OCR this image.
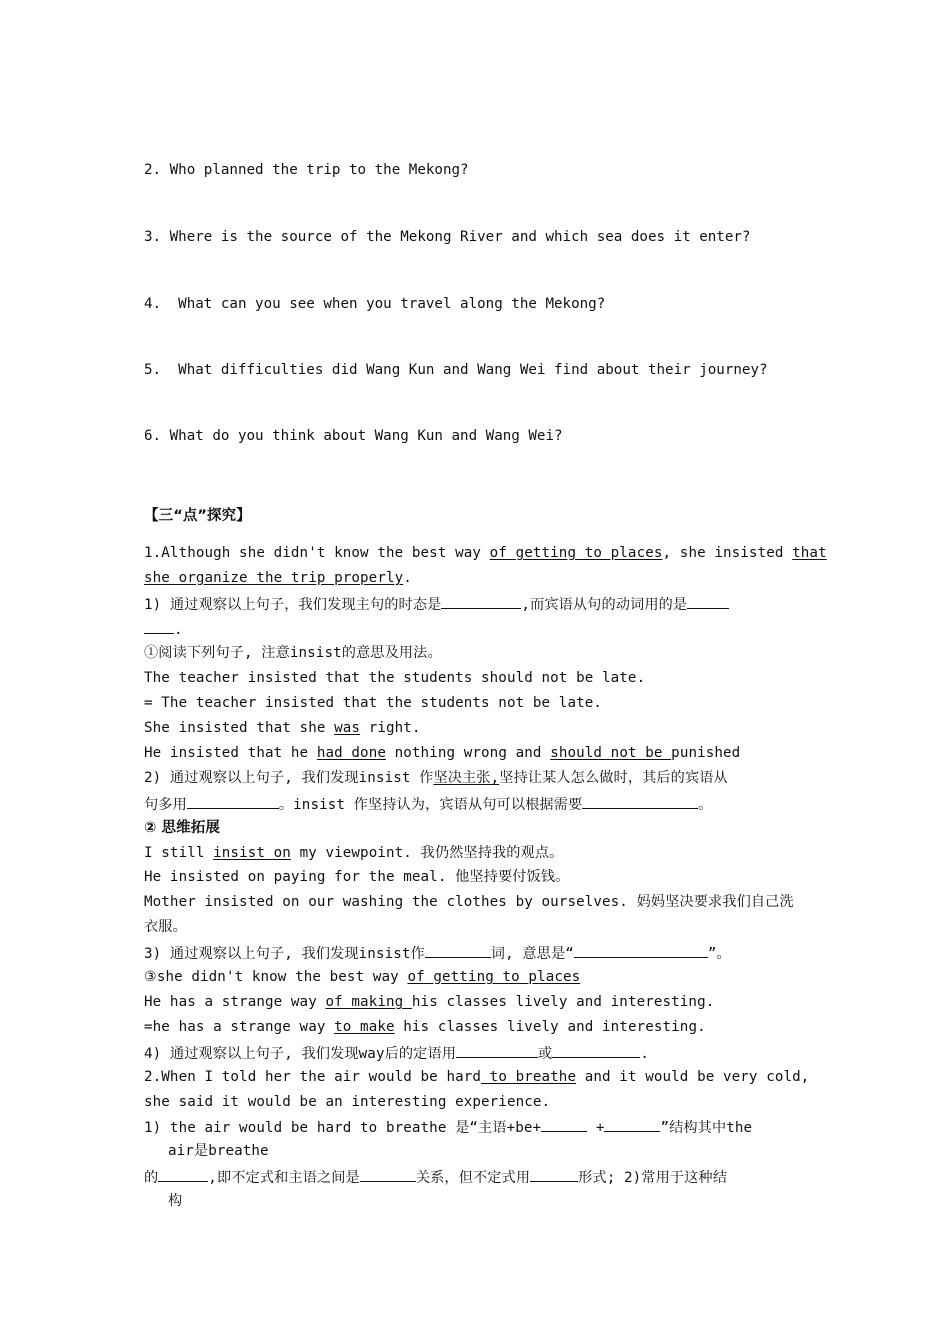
2. Who planned the trip to the Mekong?

3. Where is the source of the Mekong River and which sea does it enter?

4.  What can you see when you travel along the Mekong?

5.  What difficulties did Wang Kun and Wang Wei find about their journey?

6. What do you think about Wang Kun and Wang Wei?

【三“点”探究】

1.Although she didn't know the best way of getting to places, she insisted that

she organize the trip properly.

1) 通过观察以上句子，我们发现主句的时态是	,而宾语从句的动词用的是

.

①阅读下列句子, 注意insist的意思及用法。

The teacher insisted that the students should not be late.

= The teacher insisted that the students not be late.

She insisted that she was right.

He insisted that he had done nothing wrong and should not be punished

2) 通过观察以上句子, 我们发现insist 作坚决主张,坚持让某人怎么做时，其后的宾语从

句多用	。insist 作坚持认为，宾语从句可以根据需要	。

② 思维拓展

I still insist on my viewpoint. 我仍然坚持我的观点。

He insisted on paying for the meal. 他坚持要付饭钱。

Mother insisted on our washing the clothes by ourselves. 妈妈坚决要求我们自己洗

衣服。

3) 通过观察以上句子, 我们发现insist作	词, 意思是“	”。

③she didn't know the best way of getting to places

He has a strange way of making his classes lively and interesting.

=he has a strange way to make his classes lively and interesting.

4) 通过观察以上句子, 我们发现way后的定语用	或	.

2.When I told her the air would be hard to breathe and it would be very cold,

she said it would be an interesting experience.

1) the air would be hard to breathe 是“主语+be+	+	”结构其中the

air是breathe

的	,即不定式和主语之间是	关系，但不定式用	形式; 2)常用于这种结

构
